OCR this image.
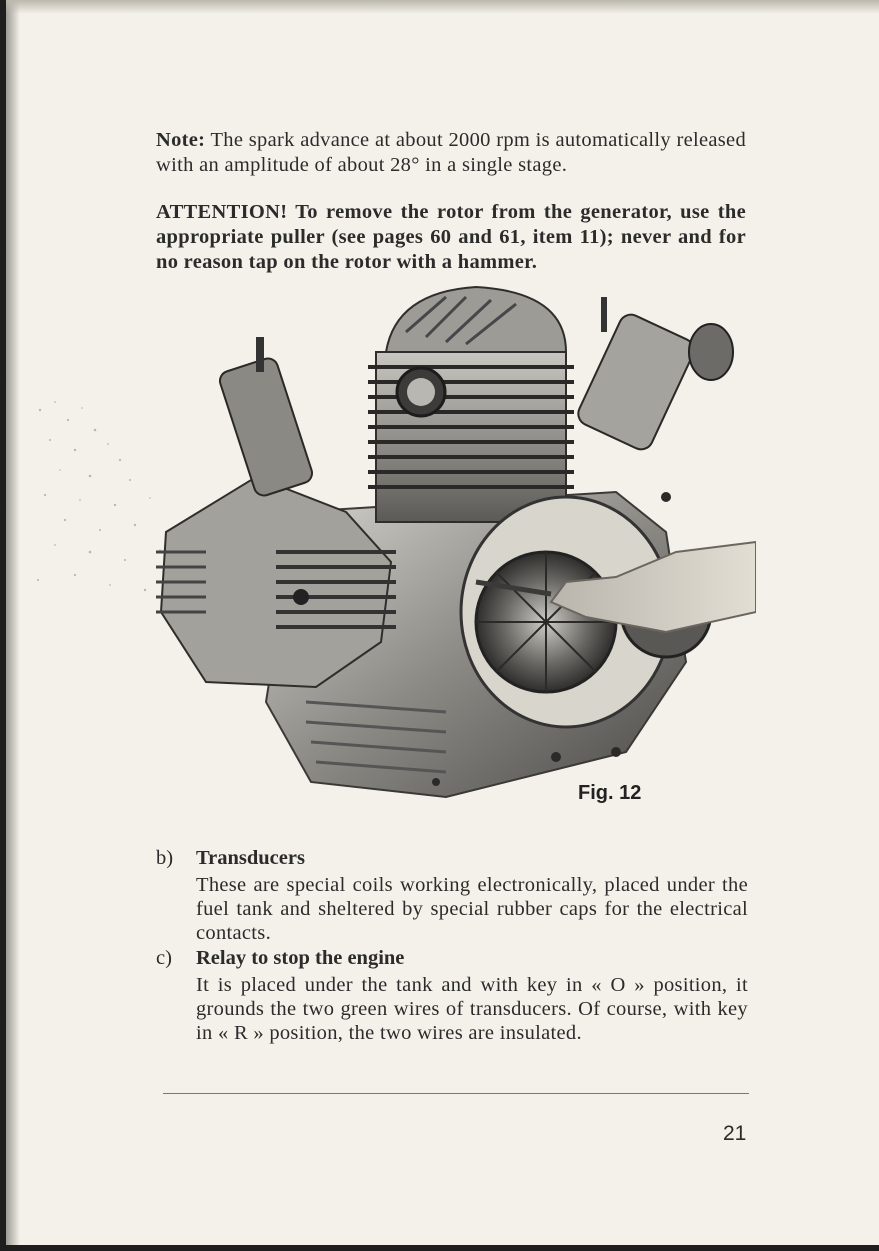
Note: The spark advance at about 2000 rpm is automatically released with an amplitude of about 28° in a single stage.

ATTENTION! To remove the rotor from the generator, use the appropriate puller (see pages 60 and 61, item 11); never and for no reason tap on the rotor with a hammer.

Fig. 12
b) Transducers

These are special coils working electronically, placed under the fuel tank and sheltered by special rubber caps for the electrical contacts.

c) Relay to stop the engine

It is placed under the tank and with key in « O » position, it grounds the two green wires of transducers. Of course, with key in « R » position, the two wires are insulated.

21
